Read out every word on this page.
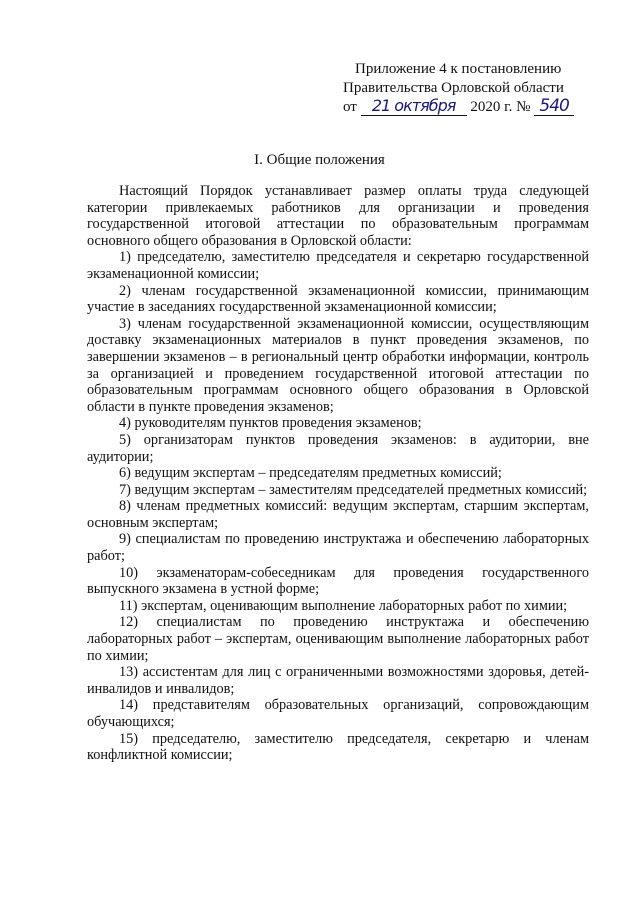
Приложение 4 к постановлению
Правительства Орловской области
от 21 октября 2020 г. № 540
I. Общие положения

Настоящий Порядок устанавливает размер оплаты труда следующей категории привлекаемых работников для организации и проведения государственной итоговой аттестации по образовательным программам основного общего образования в Орловской области:

1) председателю, заместителю председателя и секретарю государственной экзаменационной комиссии;

2) членам государственной экзаменационной комиссии, принимающим участие в заседаниях государственной экзаменационной комиссии;

3) членам государственной экзаменационной комиссии, осуществляющим доставку экзаменационных материалов в пункт проведения экзаменов, по завершении экзаменов – в региональный центр обработки информации, контроль за организацией и проведением государственной итоговой аттестации по образовательным программам основного общего образования в Орловской области в пункте проведения экзаменов;

4) руководителям пунктов проведения экзаменов;

5) организаторам пунктов проведения экзаменов: в аудитории, вне аудитории;

6) ведущим экспертам – председателям предметных комиссий;

7) ведущим экспертам – заместителям председателей предметных комиссий;

8) членам предметных комиссий: ведущим экспертам, старшим экспертам, основным экспертам;

9) специалистам по проведению инструктажа и обеспечению лабораторных работ;

10) экзаменаторам-собеседникам для проведения государственного выпускного экзамена в устной форме;

11) экспертам, оценивающим выполнение лабораторных работ по химии;

12) специалистам по проведению инструктажа и обеспечению лабораторных работ – экспертам, оценивающим выполнение лабораторных работ по химии;

13) ассистентам для лиц с ограниченными возможностями здоровья, детей-инвалидов и инвалидов;

14) представителям образовательных организаций, сопровождающим обучающихся;

15) председателю, заместителю председателя, секретарю и членам конфликтной комиссии;
